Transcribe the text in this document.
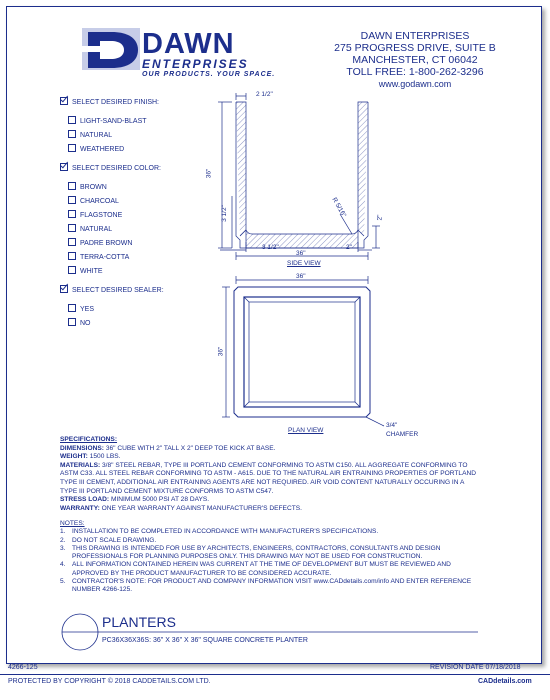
DAWN
ENTERPRISES
OUR PRODUCTS. YOUR SPACE.
DAWN ENTERPRISES
275 PROGRESS DRIVE, SUITE B
MANCHESTER, CT 06042
TOLL FREE: 1-800-262-3296
www.godawn.com
SELECT DESIRED FINISH:
LIGHT-SAND-BLAST
NATURAL
WEATHERED
SELECT DESIRED COLOR:
BROWN
CHARCOAL
FLAGSTONE
NATURAL
PADRE BROWN
TERRA-COTTA
WHITE
SELECT DESIRED SEALER:
YES
NO
2 1/2"
36"
3 1/2"	R 5/16"	2"
3 1/2"
36"
2"
SIDE VIEW
36"
36"
PLAN VIEW
3/4"
CHAMFER
SPECIFICATIONS:
DIMENSIONS: 36" CUBE WITH 2" TALL X 2" DEEP TOE KICK AT BASE.
WEIGHT: 1500 LBS.
MATERIALS: 3/8" STEEL REBAR, TYPE III PORTLAND CEMENT CONFORMING TO ASTM C150. ALL AGGREGATE CONFORMING TO ASTM C33. ALL STEEL REBAR CONFORMING TO ASTM - A615. DUE TO THE NATURAL AIR ENTRAINING PROPERTIES OF PORTLAND TYPE III CEMENT, ADDITIONAL AIR ENTRAINING AGENTS ARE NOT REQUIRED. AIR VOID CONTENT NATURALLY OCCURING IN A TYPE III PORTLAND CEMENT MIXTURE CONFORMS TO ASTM C547.
STRESS LOAD: MINIMUM 5000 PSI AT 28 DAYS.
WARRANTY: ONE YEAR WARRANTY AGAINST MANUFACTURER'S DEFECTS.
NOTES:
1. INSTALLATION TO BE COMPLETED IN ACCORDANCE WITH MANUFACTURER'S SPECIFICATIONS.
2. DO NOT SCALE DRAWING.
3. THIS DRAWING IS INTENDED FOR USE BY ARCHITECTS, ENGINEERS, CONTRACTORS, CONSULTANTS AND DESIGN PROFESSIONALS FOR PLANNING PURPOSES ONLY. THIS DRAWING MAY NOT BE USED FOR CONSTRUCTION.
4. ALL INFORMATION CONTAINED HEREIN WAS CURRENT AT THE TIME OF DEVELOPMENT BUT MUST BE REVIEWED AND APPROVED BY THE PRODUCT MANUFACTURER TO BE CONSIDERED ACCURATE.
5. CONTRACTOR'S NOTE: FOR PRODUCT AND COMPANY INFORMATION VISIT www.CADdetails.com/info AND ENTER REFERENCE NUMBER 4266-125.
PLANTERS
PC36X36X36S: 36" X 36" X 36" SQUARE CONCRETE PLANTER
4266-125	REVISION DATE 07/18/2018
PROTECTED BY COPYRIGHT © 2018 CADDETAILS.COM LTD.	CADdetails.com
